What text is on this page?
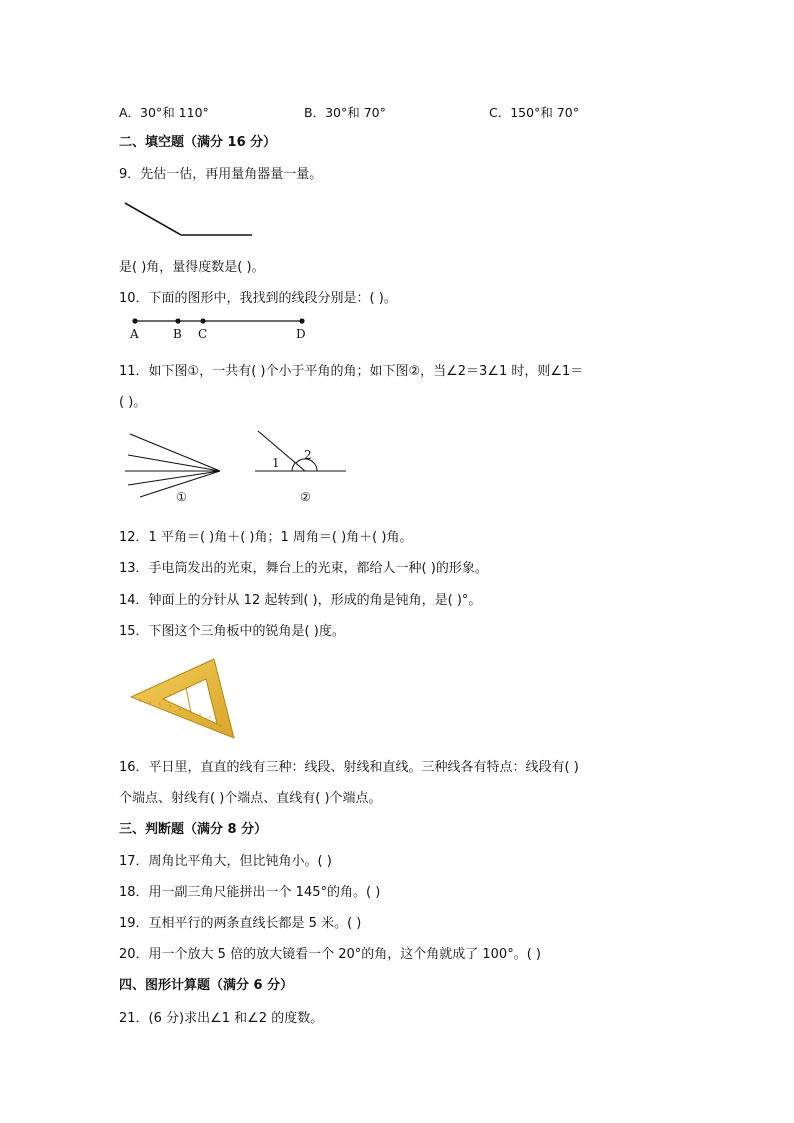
A．30°和 110°	B．30°和 70°	C．150°和 70°
二、填空题（满分 16 分）
9．先估一估，再用量角器量一量。
是( )角，量得度数是( )。
10．下面的图形中，我找到的线段分别是：( )。
A	B C	D
11．如下图①，一共有( )个小于平角的角；如下图②，当∠2＝3∠1 时，则∠1＝
( )。
①
1
2
②
12．1 平角＝( )角＋( )角；1 周角＝( )角＋( )角。
13．手电筒发出的光束，舞台上的光束，都给人一种( )的形象。
14．钟面上的分针从 12 起转到( )，形成的角是钝角，是( )°。
15．下图这个三角板中的锐角是( )度。
16．平日里，直直的线有三种：线段、射线和直线。三种线各有特点：线段有( )
个端点、射线有( )个端点、直线有( )个端点。
三、判断题（满分 8 分）
17．周角比平角大，但比钝角小。( )
18．用一副三角尺能拼出一个 145°的角。( )
19．互相平行的两条直线长都是 5 米。( )
20．用一个放大 5 倍的放大镜看一个 20°的角，这个角就成了 100°。( )
四、图形计算题（满分 6 分）
21．(6 分)求出∠1 和∠2 的度数。
